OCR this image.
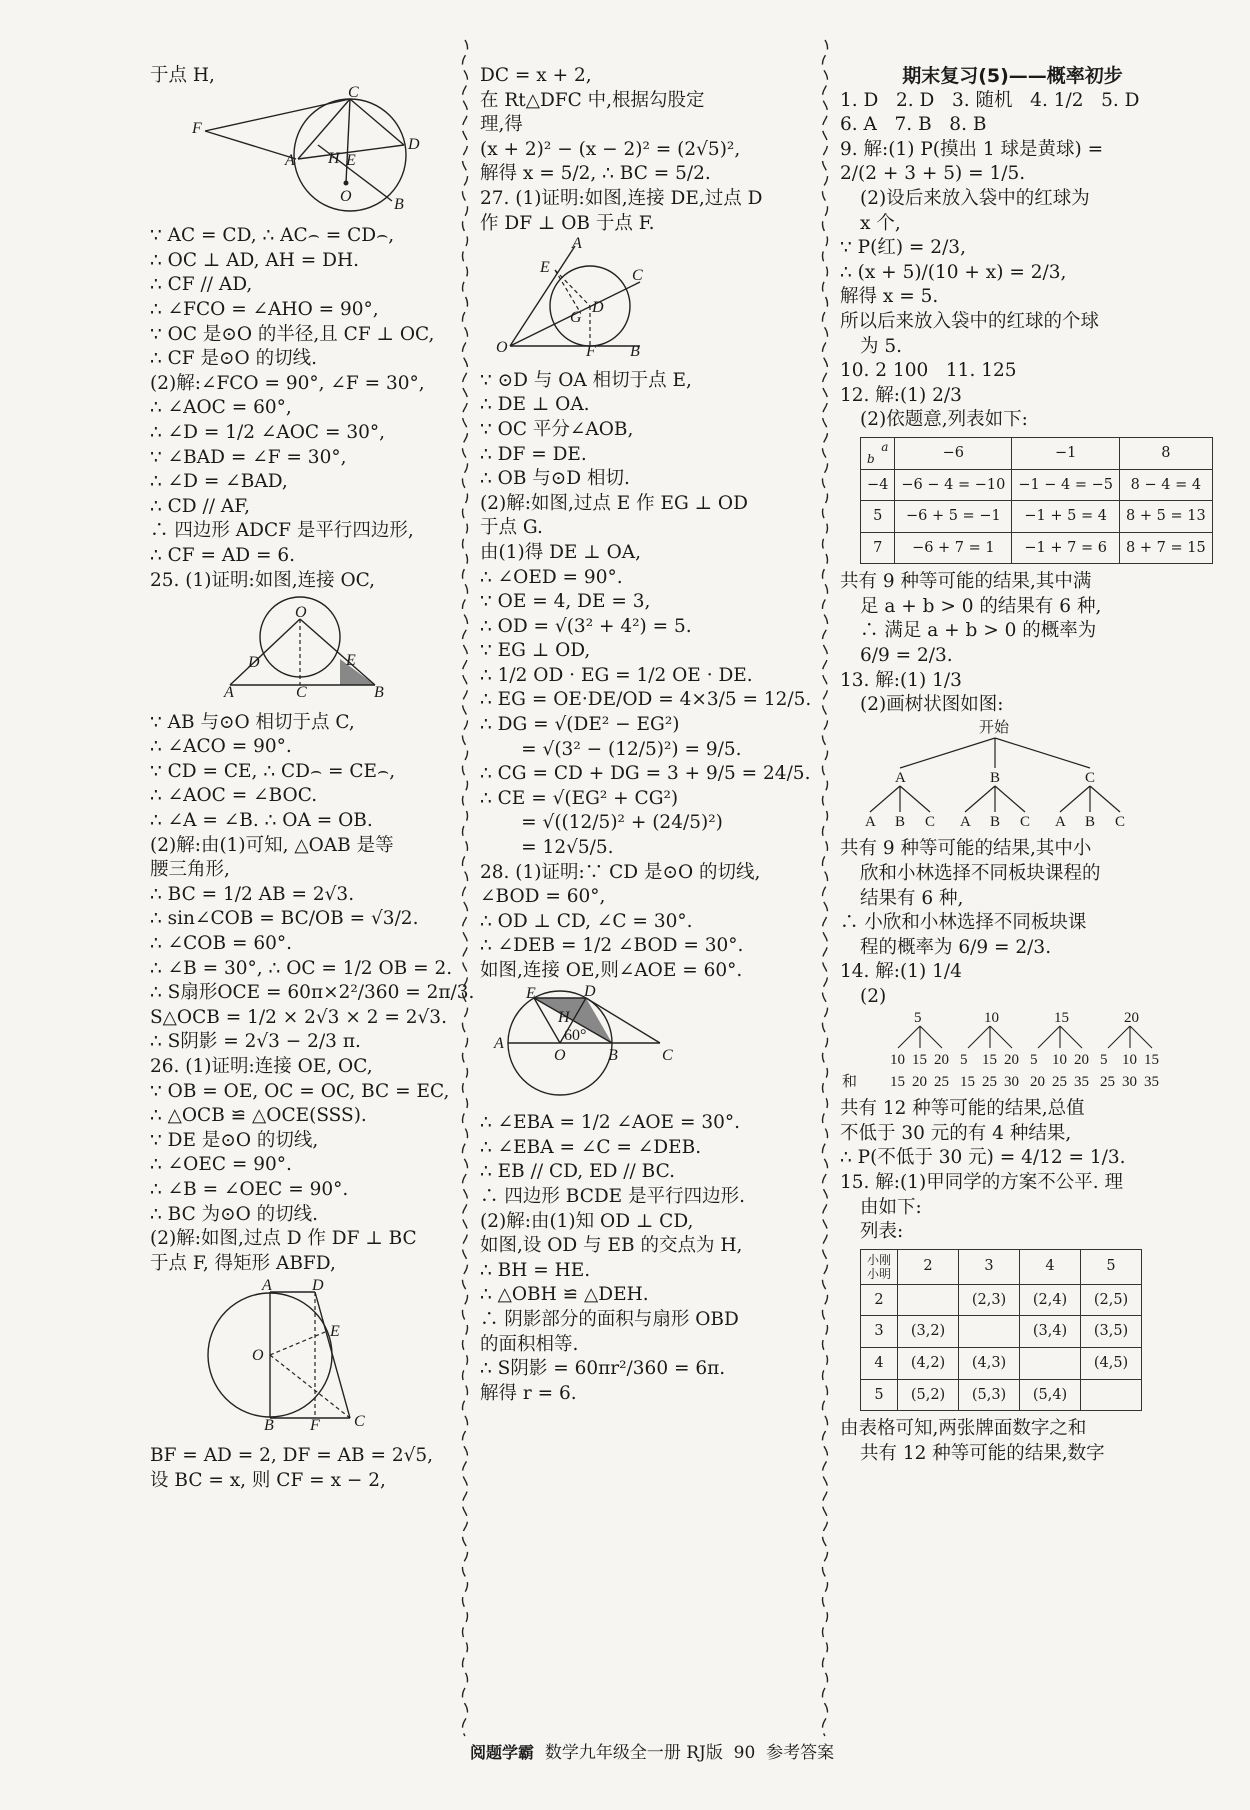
于点 H,
F
C
A H E
D
O	B
∵ AC = CD, ∴ AC⌢ = CD⌢,
∴ OC ⊥ AD, AH = DH.
∴ CF // AD,
∴ ∠FCO = ∠AHO = 90°,
∵ OC 是⊙O 的半径,且 CF ⊥ OC,
∴ CF 是⊙O 的切线.
(2)解:∠FCO = 90°, ∠F = 30°,
∴ ∠AOC = 60°,
∴ ∠D = 1/2 ∠AOC = 30°,
∵ ∠BAD = ∠F = 30°,
∴ ∠D = ∠BAD,
∴ CD // AF,
∴ 四边形 ADCF 是平行四边形,
∴ CF = AD = 6.
25. (1)证明:如图,连接 OC,
O
D	E
A	C	B
∵ AB 与⊙O 相切于点 C,
∴ ∠ACO = 90°.
∵ CD = CE, ∴ CD⌢ = CE⌢,
∴ ∠AOC = ∠BOC.
∴ ∠A = ∠B. ∴ OA = OB.
(2)解:由(1)可知, △OAB 是等
腰三角形,
∴ BC = 1/2 AB = 2√3.
∴ sin∠COB = BC/OB = √3/2.
∴ ∠COB = 60°.
∴ ∠B = 30°, ∴ OC = 1/2 OB = 2.
∴ S扇形OCE = 60π×2²/360 = 2π/3.
S△OCB = 1/2 × 2√3 × 2 = 2√3.
∴ S阴影 = 2√3 − 2/3 π.
26. (1)证明:连接 OE, OC,
∵ OB = OE, OC = OC, BC = EC,
∴ △OCB ≌ △OCE(SSS).
∵ DE 是⊙O 的切线,
∴ ∠OEC = 90°.
∴ ∠B = ∠OEC = 90°.
∴ BC 为⊙O 的切线.
(2)解:如图,过点 D 作 DF ⊥ BC
于点 F, 得矩形 ABFD,
A	D
E
O
B F C
BF = AD = 2, DF = AB = 2√5,
设 BC = x, 则 CF = x − 2,
DC = x + 2,
在 Rt△DFC 中,根据勾股定
理,得
(x + 2)² − (x − 2)² = (2√5)²,
解得 x = 5/2, ∴ BC = 5/2.
27. (1)证明:如图,连接 DE,过点 D
作 DF ⊥ OB 于点 F.
A
E	C
G
D
O	F B
∵ ⊙D 与 OA 相切于点 E,
∴ DE ⊥ OA.
∵ OC 平分∠AOB,
∴ DF = DE.
∴ OB 与⊙D 相切.
(2)解:如图,过点 E 作 EG ⊥ OD
于点 G.
由(1)得 DE ⊥ OA,
∴ ∠OED = 90°.
∵ OE = 4, DE = 3,
∴ OD = √(3² + 4²) = 5.
∵ EG ⊥ OD,
∴ 1/2 OD · EG = 1/2 OE · DE.
∴ EG = OE·DE/OD = 4×3/5 = 12/5.
∴ DG = √(DE² − EG²)
= √(3² − (12/5)²) = 9/5.
∴ CG = CD + DG = 3 + 9/5 = 24/5.
∴ CE = √(EG² + CG²)
= √((12/5)² + (24/5)²)
= 12√5/5.
28. (1)证明:∵ CD 是⊙O 的切线,
∠BOD = 60°,
∴ OD ⊥ CD, ∠C = 30°.
∴ ∠DEB = 1/2 ∠BOD = 30°.
如图,连接 OE,则∠AOE = 60°.
E	D
H
60°
A
O	B	C
∴ ∠EBA = 1/2 ∠AOE = 30°.
∴ ∠EBA = ∠C = ∠DEB.
∴ EB // CD, ED // BC.
∴ 四边形 BCDE 是平行四边形.
(2)解:由(1)知 OD ⊥ CD,
如图,设 OD 与 EB 的交点为 H,
∴ BH = HE.
∴ △OBH ≌ △DEH.
∴ 阴影部分的面积与扇形 OBD
的面积相等.
∴ S阴影 = 60πr²/360 = 6π.
解得 r = 6.
期末复习(5)——概率初步
1. D   2. D   3. 随机   4. 1/2   5. D
6. A   7. B   8. B
9. 解:(1) P(摸出 1 球是黄球) =
2/(2 + 3 + 5) = 1/5.
(2)设后来放入袋中的红球为
x 个,
∵ P(红) = 2/3,
∴ (x + 5)/(10 + x) = 2/3,
解得 x = 5.
所以后来放入袋中的红球的个球
为 5.
10. 2 100   11. 125
12. 解:(1) 2/3
(2)依题意,列表如下:
a
b	−6	−1	8
−4	−6 − 4 = −10	−1 − 4 = −5	8 − 4 = 4
5	−6 + 5 = −1	−1 + 5 = 4	8 + 5 = 13
7	−6 + 7 = 1	−1 + 7 = 6	8 + 7 = 15
共有 9 种等可能的结果,其中满
足 a + b > 0 的结果有 6 种,
∴ 满足 a + b > 0 的概率为
6/9 = 2/3.
13. 解:(1) 1/3
(2)画树状图如图:
开始
A	B	C
A B C A B C A B C
共有 9 种等可能的结果,其中小
欣和小林选择不同板块课程的
结果有 6 种,
∴ 小欣和小林选择不同板块课
程的概率为 6/9 = 2/3.
14. 解:(1) 1/4
(2)
和
5
10
15
15
20
20
25
10
5
15
15
25
20
30
15
5
20
10
25
20
35
20
5
25
10
30
15
35
共有 12 种等可能的结果,总值
不低于 30 元的有 4 种结果,
∴ P(不低于 30 元) = 4/12 = 1/3.
15. 解:(1)甲同学的方案不公平. 理
由如下:
列表:
小刚
小明	2	3	4	5
2		(2,3)	(2,4)	(2,5)
3	(3,2)		(3,4)	(3,5)
4	(4,2)	(4,3)		(4,5)
5	(5,2)	(5,3)	(5,4)	
由表格可知,两张牌面数字之和
共有 12 种等可能的结果,数字
阅题学霸 数学九年级全一册 RJ版 90 参考答案
